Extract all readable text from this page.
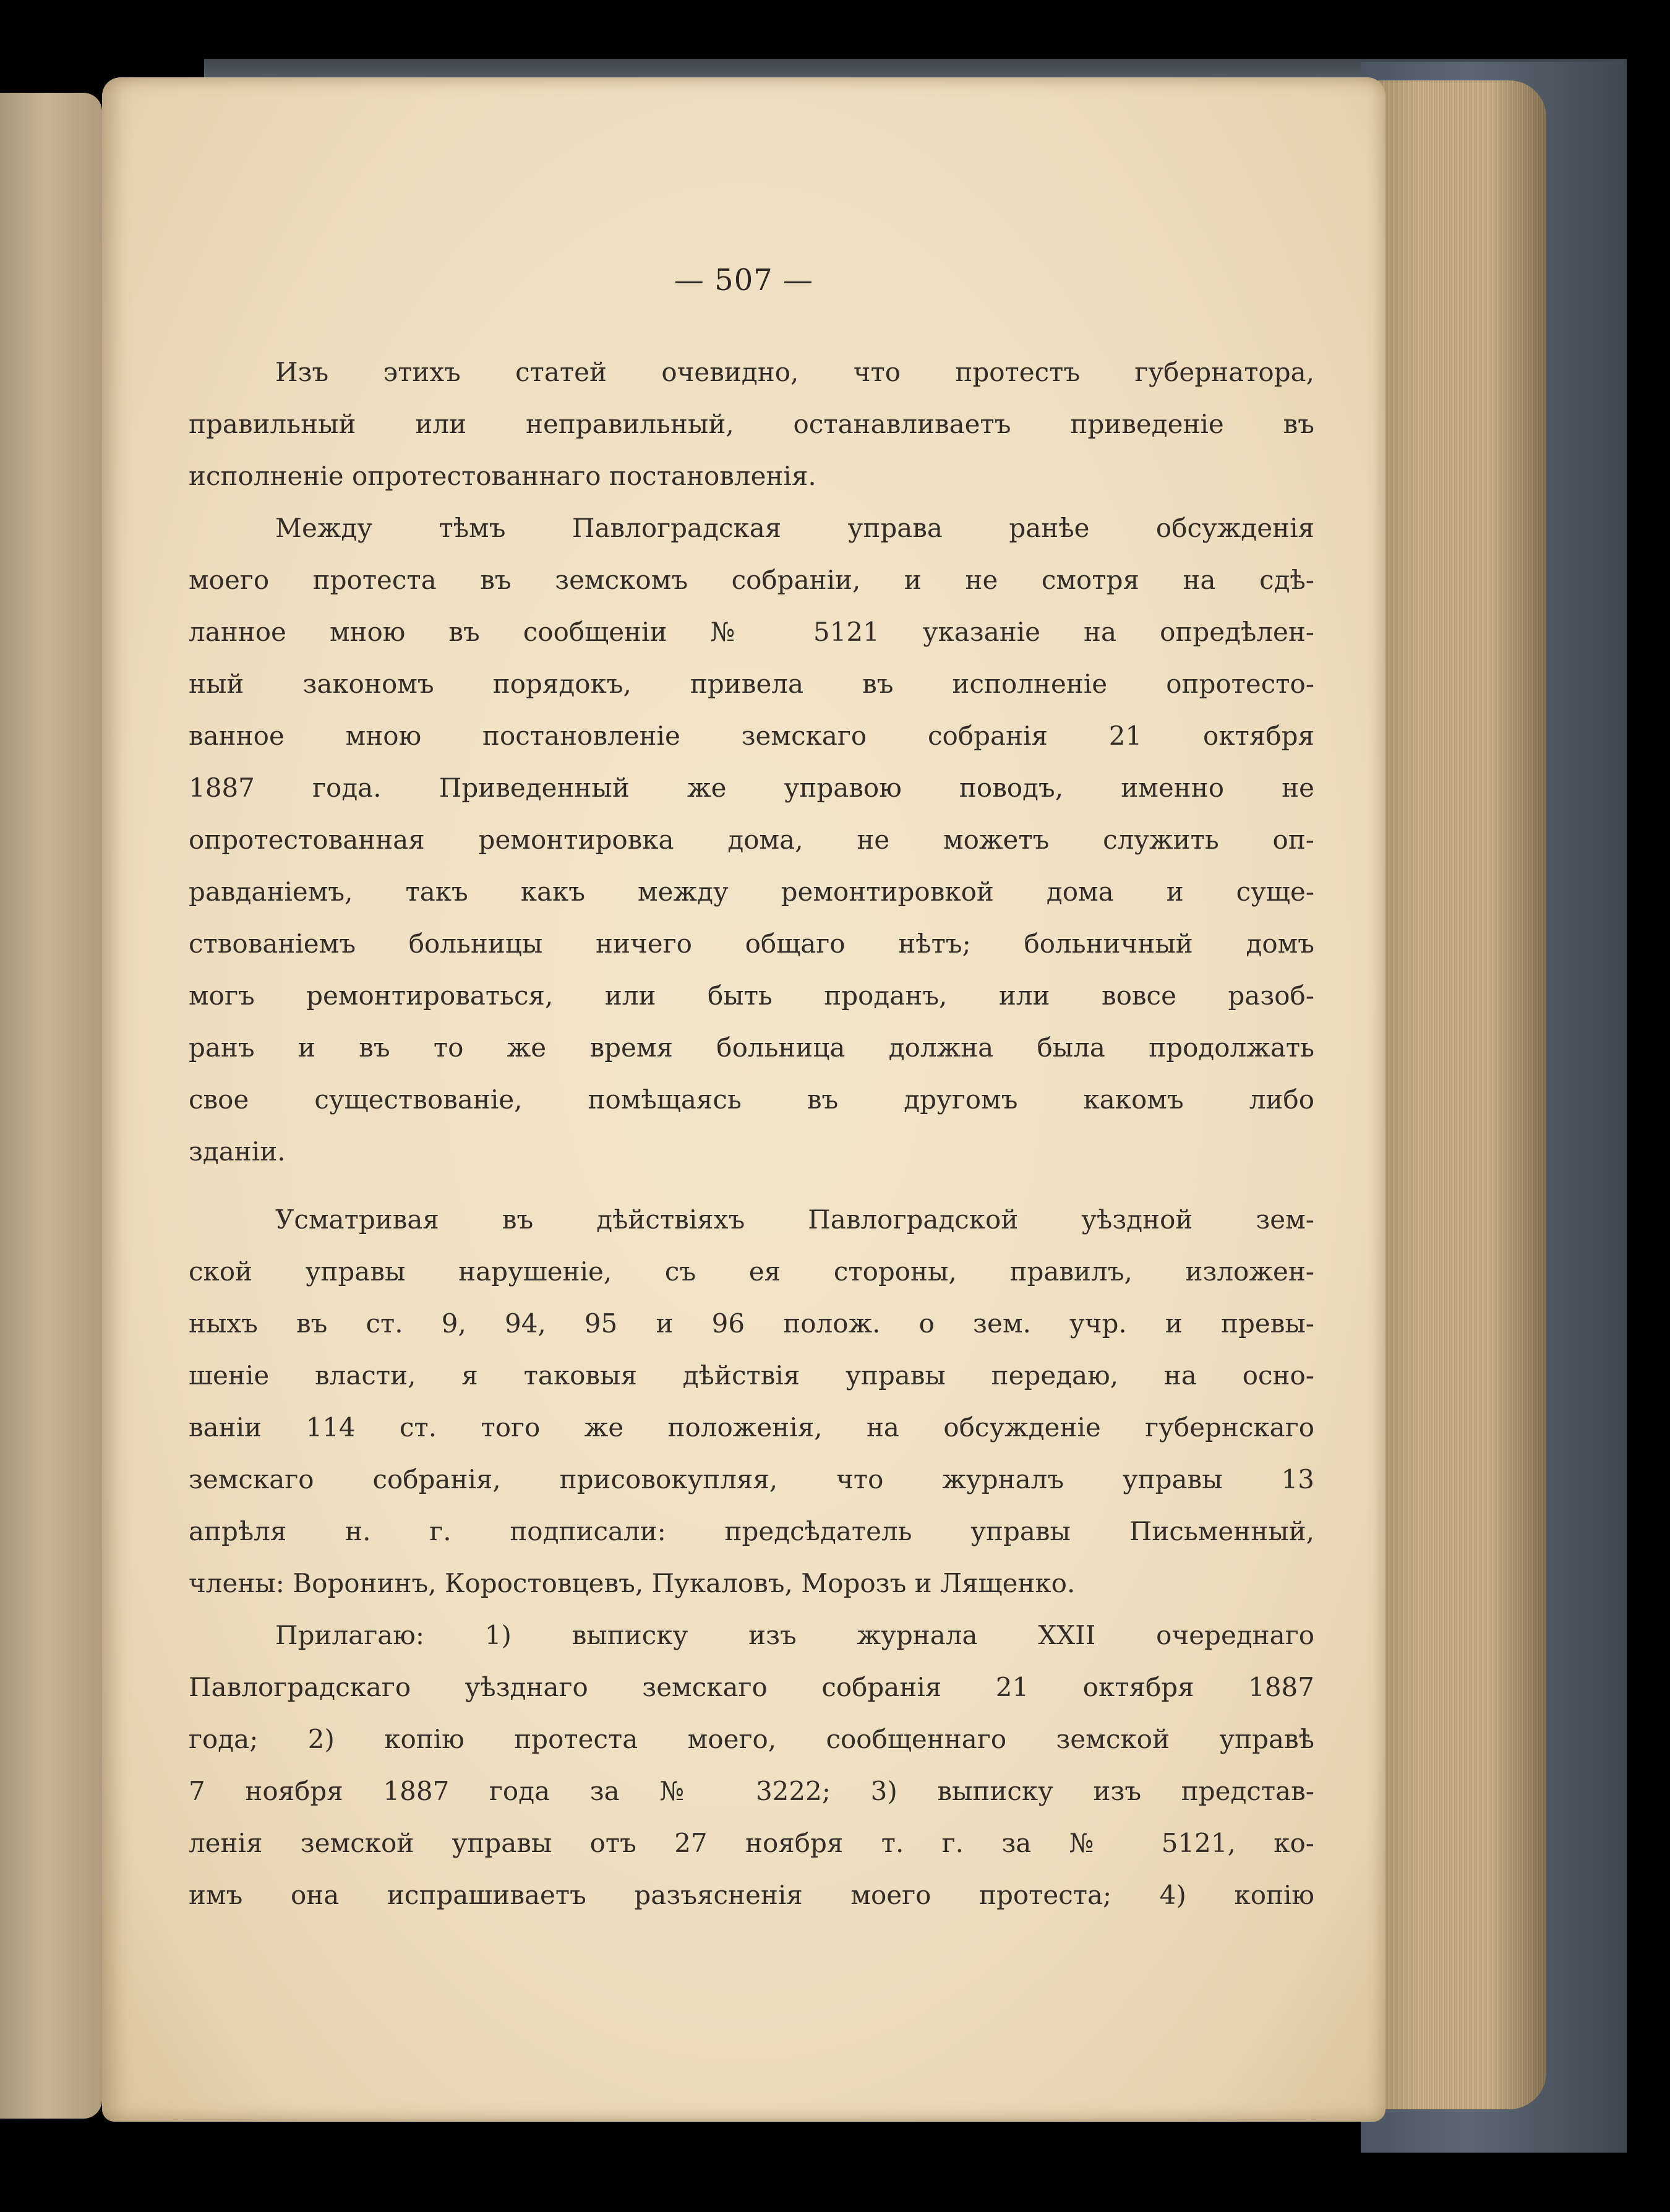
— 507 —
Изъ этихъ статей очевидно, что протестъ губернатора,
правильный или неправильный, останавливаетъ приведеніе въ
исполненіе опротестованнаго постановленія.
Между тѣмъ Павлоградская управа ранѣе обсужденія
моего протеста въ земскомъ собраніи, и не смотря на сдѣ-
ланное мною въ сообщеніи № 5121 указаніе на опредѣлен-
ный закономъ порядокъ, привела въ исполненіе опротесто-
ванное мною постановленіе земскаго собранія 21 октября
1887 года. Приведенный же управою поводъ, именно не
опротестованная ремонтировка дома, не можетъ служить оп-
равданіемъ, такъ какъ между ремонтировкой дома и суще-
ствованіемъ больницы ничего общаго нѣтъ; больничный домъ
могъ ремонтироваться, или быть проданъ, или вовсе разоб-
ранъ и въ то же время больница должна была продолжать
свое существованіе, помѣщаясь въ другомъ какомъ либо
зданіи.
Усматривая въ дѣйствіяхъ Павлоградской уѣздной зем-
ской управы нарушеніе, съ ея стороны, правилъ, изложен-
ныхъ въ ст. 9, 94, 95 и 96 полож. о зем. учр. и превы-
шеніе власти, я таковыя дѣйствія управы передаю, на осно-
ваніи 114 ст. того же положенія, на обсужденіе губернскаго
земскаго собранія, присовокупляя, что журналъ управы 13
апрѣля н. г. подписали: предсѣдатель управы Письменный,
члены: Воронинъ, Коростовцевъ, Пукаловъ, Морозъ и Лященко.
Прилагаю: 1) выписку изъ журнала XXII очереднаго
Павлоградскаго уѣзднаго земскаго собранія 21 октября 1887
года; 2) копію протеста моего, сообщеннаго земской управѣ
7 ноября 1887 года за № 3222; 3) выписку изъ представ-
ленія земской управы отъ 27 ноября т. г. за № 5121, ко-
имъ она испрашиваетъ разъясненія моего протеста; 4) копію
